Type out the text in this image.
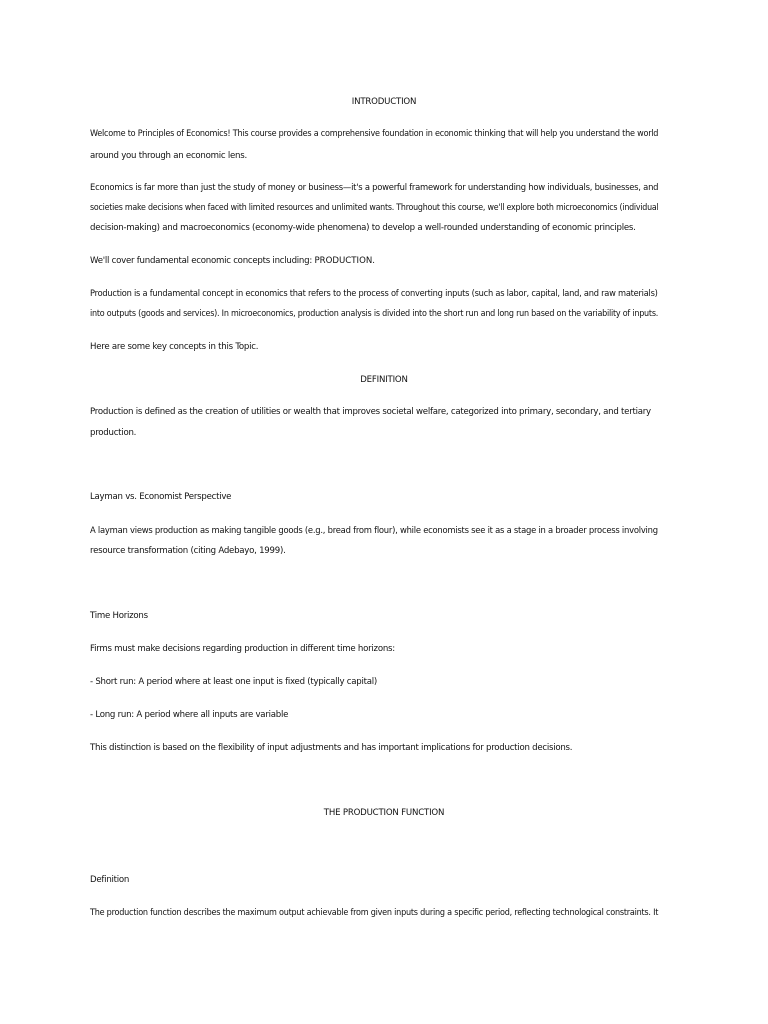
INTRODUCTION
Welcome to Principles of Economics! This course provides a comprehensive foundation in economic thinking that will help you understand the world
around you through an economic lens.
Economics is far more than just the study of money or business—it's a powerful framework for understanding how individuals, businesses, and
societies make decisions when faced with limited resources and unlimited wants. Throughout this course, we'll explore both microeconomics (individual
decision-making) and macroeconomics (economy-wide phenomena) to develop a well-rounded understanding of economic principles.
We'll cover fundamental economic concepts including: PRODUCTION.
Production is a fundamental concept in economics that refers to the process of converting inputs (such as labor, capital, land, and raw materials)
into outputs (goods and services). In microeconomics, production analysis is divided into the short run and long run based on the variability of inputs.
Here are some key concepts in this Topic.
DEFINITION
Production is defined as the creation of utilities or wealth that improves societal welfare, categorized into primary, secondary, and tertiary
production.
Layman vs. Economist Perspective
A layman views production as making tangible goods (e.g., bread from flour), while economists see it as a stage in a broader process involving
resource transformation (citing Adebayo, 1999).
Time Horizons
Firms must make decisions regarding production in different time horizons:
- Short run: A period where at least one input is fixed (typically capital)
- Long run: A period where all inputs are variable
This distinction is based on the flexibility of input adjustments and has important implications for production decisions.
THE PRODUCTION FUNCTION
Definition
The production function describes the maximum output achievable from given inputs during a specific period, reflecting technological constraints. It
